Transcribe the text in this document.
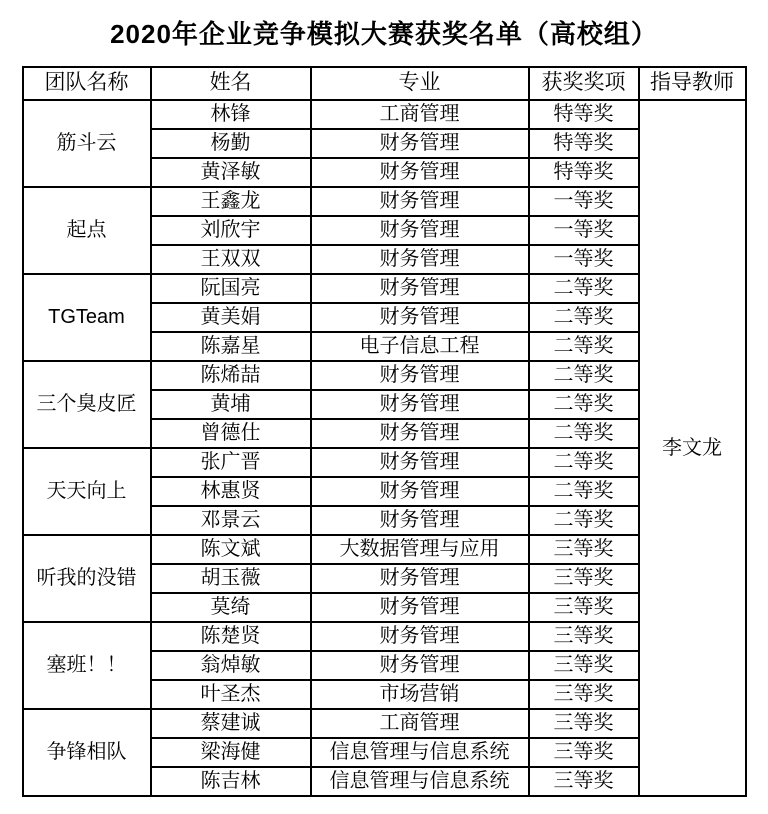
2020年企业竞争模拟大赛获奖名单（高校组）
团队名称	姓名	专业	获奖奖项	指导教师
筋斗云	林锋	工商管理	特等奖	李文龙
	杨勤	财务管理	特等奖	
	黄泽敏	财务管理	特等奖	
起点	王鑫龙	财务管理	一等奖	
	刘欣宇	财务管理	一等奖	
	王双双	财务管理	一等奖	
TGTeam	阮国亮	财务管理	二等奖	
	黄美娟	财务管理	二等奖	
	陈嘉星	电子信息工程	二等奖	
三个臭皮匠	陈烯喆	财务管理	二等奖	
	黄埔	财务管理	二等奖	
	曾德仕	财务管理	二等奖	
天天向上	张广晋	财务管理	二等奖	
	林惠贤	财务管理	二等奖	
	邓景云	财务管理	二等奖	
听我的没错	陈文斌	大数据管理与应用	三等奖	
	胡玉薇	财务管理	三等奖	
	莫绮	财务管理	三等奖	
塞班！！	陈楚贤	财务管理	三等奖	
	翁焯敏	财务管理	三等奖	
	叶圣杰	市场营销	三等奖	
争锋相队	蔡建诚	工商管理	三等奖	
	梁海健	信息管理与信息系统	三等奖	
	陈吉林	信息管理与信息系统	三等奖	
